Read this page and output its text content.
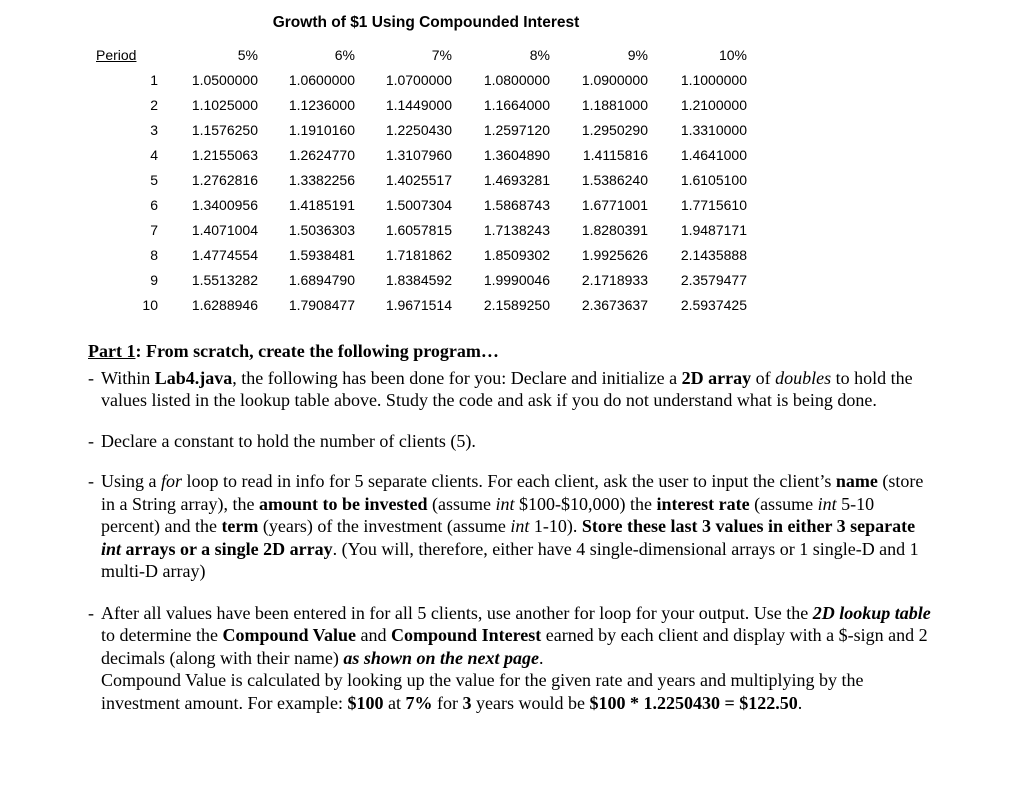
Growth of $1 Using Compounded Interest
Period	5%	6%	7%	8%	9%	10%
1	1.0500000	1.0600000	1.0700000	1.0800000	1.0900000	1.1000000
2	1.1025000	1.1236000	1.1449000	1.1664000	1.1881000	1.2100000
3	1.1576250	1.1910160	1.2250430	1.2597120	1.2950290	1.3310000
4	1.2155063	1.2624770	1.3107960	1.3604890	1.4115816	1.4641000
5	1.2762816	1.3382256	1.4025517	1.4693281	1.5386240	1.6105100
6	1.3400956	1.4185191	1.5007304	1.5868743	1.6771001	1.7715610
7	1.4071004	1.5036303	1.6057815	1.7138243	1.8280391	1.9487171
8	1.4774554	1.5938481	1.7181862	1.8509302	1.9925626	2.1435888
9	1.5513282	1.6894790	1.8384592	1.9990046	2.1718933	2.3579477
10	1.6288946	1.7908477	1.9671514	2.1589250	2.3673637	2.5937425

Part 1: From scratch, create the following program…

- Within Lab4.java, the following has been done for you: Declare and initialize a 2D array of doubles to hold the values listed in the lookup table above. Study the code and ask if you do not understand what is being done.

- Declare a constant to hold the number of clients (5).

- Using a for loop to read in info for 5 separate clients. For each client, ask the user to input the client’s name (store in a String array), the amount to be invested (assume int $100-$10,000) the interest rate (assume int 5-10 percent) and the term (years) of the investment (assume int 1-10). Store these last 3 values in either 3 separate int arrays or a single 2D array. (You will, therefore, either have 4 single-dimensional arrays or 1 single-D and 1 multi-D array)

- After all values have been entered in for all 5 clients, use another for loop for your output. Use the 2D lookup table to determine the Compound Value and Compound Interest earned by each client and display with a $-sign and 2 decimals (along with their name) as shown on the next page.

Compound Value is calculated by looking up the value for the given rate and years and multiplying by the investment amount. For example: $100 at 7% for 3 years would be $100 * 1.2250430 = $122.50.
